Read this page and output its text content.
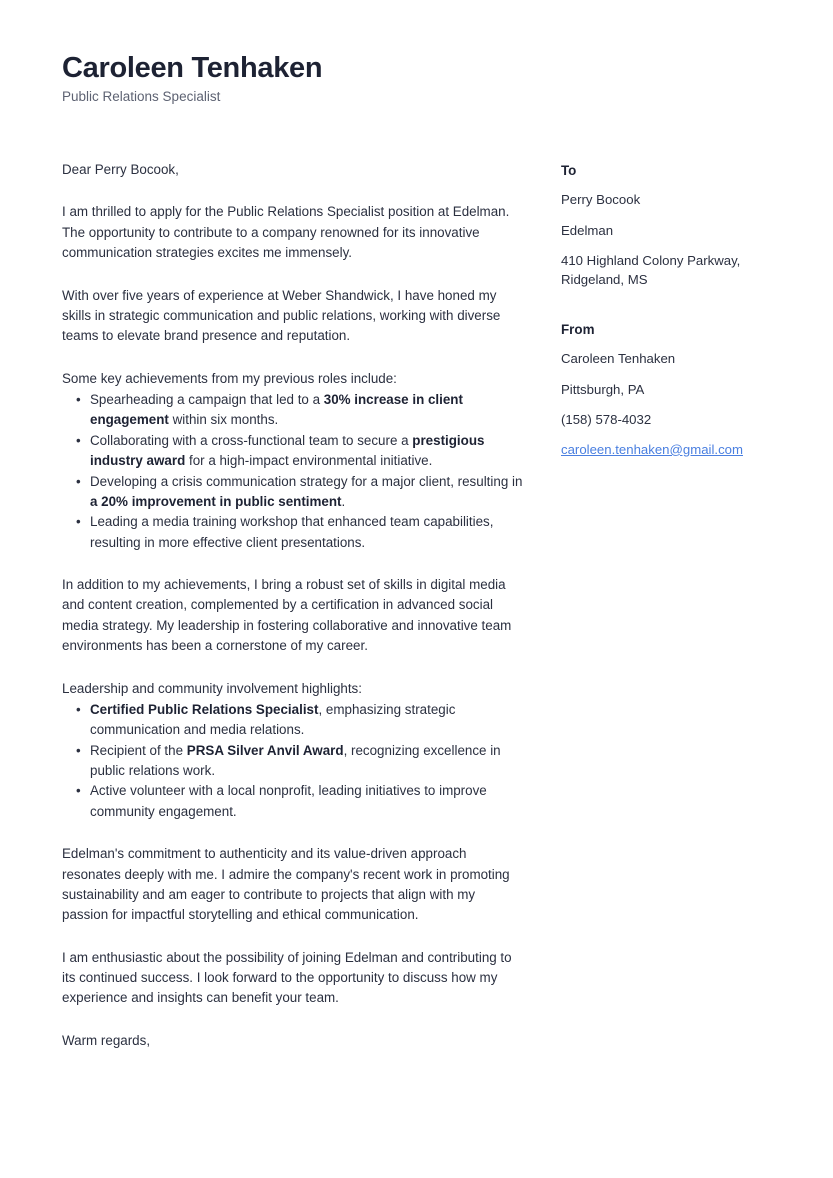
Caroleen Tenhaken
Public Relations Specialist

Dear Perry Bocook,

I am thrilled to apply for the Public Relations Specialist position at Edelman. The opportunity to contribute to a company renowned for its innovative communication strategies excites me immensely.

With over five years of experience at Weber Shandwick, I have honed my skills in strategic communication and public relations, working with diverse teams to elevate brand presence and reputation.

Some key achievements from my previous roles include:

• Spearheading a campaign that led to a 30% increase in client engagement within six months.
• Collaborating with a cross-functional team to secure a prestigious industry award for a high-impact environmental initiative.
• Developing a crisis communication strategy for a major client, resulting in a 20% improvement in public sentiment.
• Leading a media training workshop that enhanced team capabilities, resulting in more effective client presentations.

In addition to my achievements, I bring a robust set of skills in digital media and content creation, complemented by a certification in advanced social media strategy. My leadership in fostering collaborative and innovative team environments has been a cornerstone of my career.

Leadership and community involvement highlights:

• Certified Public Relations Specialist, emphasizing strategic communication and media relations.
• Recipient of the PRSA Silver Anvil Award, recognizing excellence in public relations work.
• Active volunteer with a local nonprofit, leading initiatives to improve community engagement.

Edelman's commitment to authenticity and its value-driven approach resonates deeply with me. I admire the company's recent work in promoting sustainability and am eager to contribute to projects that align with my passion for impactful storytelling and ethical communication.

I am enthusiastic about the possibility of joining Edelman and contributing to its continued success. I look forward to the opportunity to discuss how my experience and insights can benefit your team.

Warm regards,

To
Perry Bocook
Edelman
410 Highland Colony Parkway, Ridgeland, MS
From
Caroleen Tenhaken
Pittsburgh, PA
(158) 578-4032
caroleen.tenhaken@gmail.com
